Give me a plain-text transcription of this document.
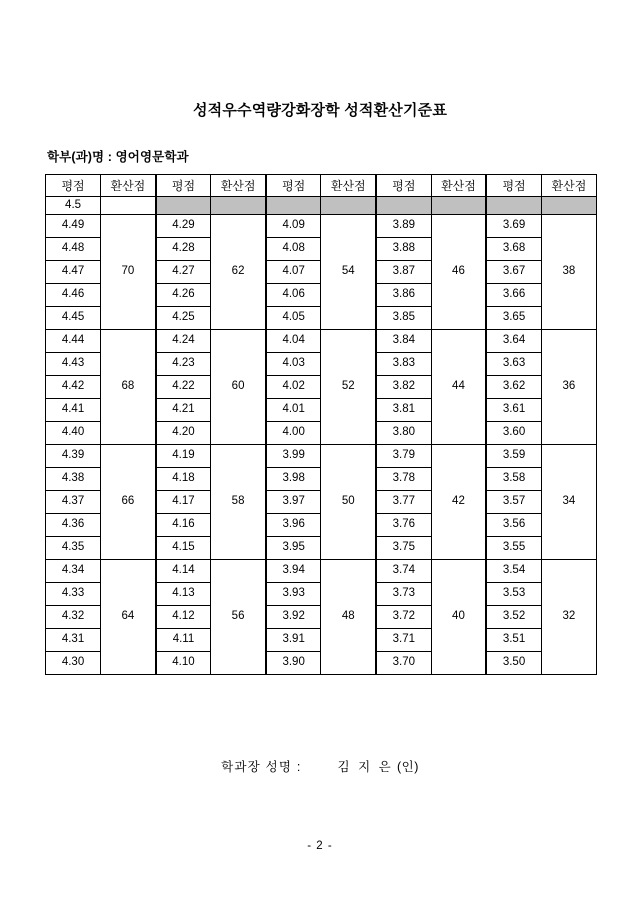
성적우수역량강화장학 성적환산기준표
학부(과)명 : 영어영문학과
평점	환산점	평점	환산점	평점	환산점	평점	환산점	평점	환산점
4.5									
4.49	70	4.29	62	4.09	54	3.89	46	3.69	38
4.48		4.28		4.08		3.88		3.68	
4.47		4.27		4.07		3.87		3.67	
4.46		4.26		4.06		3.86		3.66	
4.45		4.25		4.05		3.85		3.65	
4.44	68	4.24	60	4.04	52	3.84	44	3.64	36
4.43		4.23		4.03		3.83		3.63	
4.42		4.22		4.02		3.82		3.62	
4.41		4.21		4.01		3.81		3.61	
4.40		4.20		4.00		3.80		3.60	
4.39	66	4.19	58	3.99	50	3.79	42	3.59	34
4.38		4.18		3.98		3.78		3.58	
4.37		4.17		3.97		3.77		3.57	
4.36		4.16		3.96		3.76		3.56	
4.35		4.15		3.95		3.75		3.55	
4.34	64	4.14	56	3.94	48	3.74	40	3.54	32
4.33		4.13		3.93		3.73		3.53	
4.32		4.12		3.92		3.72		3.52	
4.31		4.11		3.91		3.71		3.51	
4.30		4.10		3.90		3.70		3.50	
학과장 성명 :	김 지 은 (인)
- 2 -
